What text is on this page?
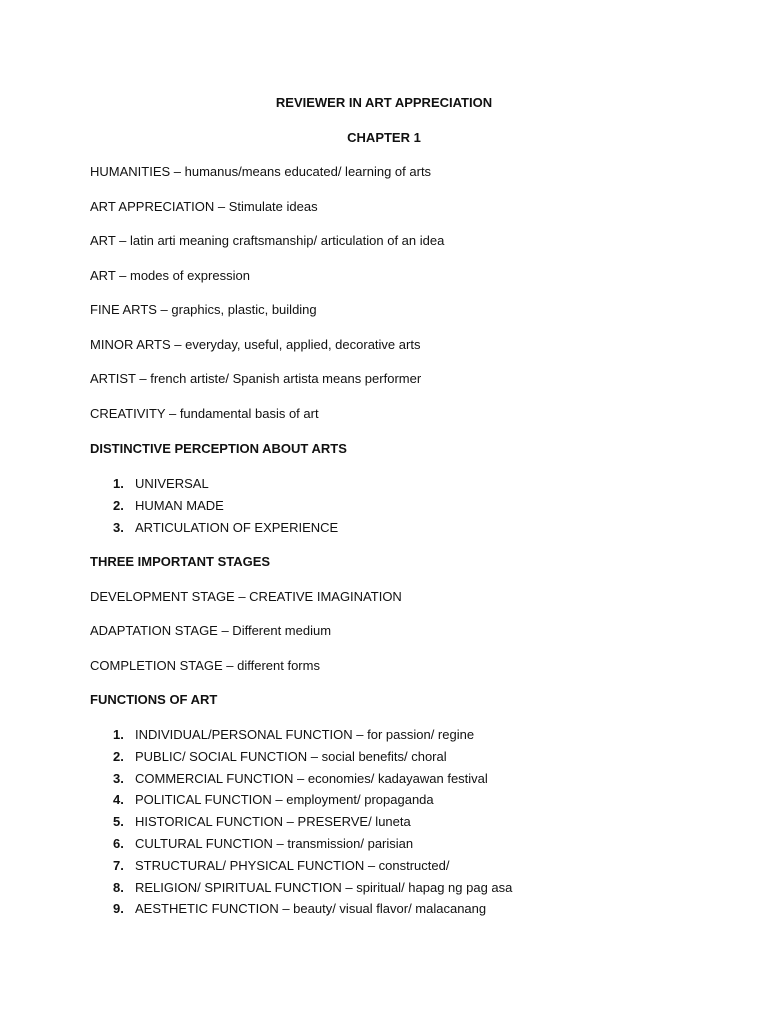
REVIEWER IN ART APPRECIATION
CHAPTER 1
HUMANITIES – humanus/means educated/ learning of arts
ART APPRECIATION – Stimulate ideas
ART – latin arti meaning craftsmanship/ articulation of an idea
ART – modes of expression
FINE ARTS – graphics, plastic, building
MINOR ARTS – everyday, useful, applied, decorative arts
ARTIST – french artiste/ Spanish artista means performer
CREATIVITY – fundamental basis of art
DISTINCTIVE PERCEPTION ABOUT ARTS
1. UNIVERSAL
2. HUMAN MADE
3. ARTICULATION OF EXPERIENCE
THREE IMPORTANT STAGES
DEVELOPMENT STAGE – CREATIVE IMAGINATION
ADAPTATION STAGE – Different medium
COMPLETION STAGE – different forms
FUNCTIONS OF ART
1. INDIVIDUAL/PERSONAL FUNCTION – for passion/ regine
2. PUBLIC/ SOCIAL FUNCTION – social benefits/ choral
3. COMMERCIAL FUNCTION – economies/ kadayawan festival
4. POLITICAL FUNCTION – employment/ propaganda
5. HISTORICAL FUNCTION – PRESERVE/ luneta
6. CULTURAL FUNCTION – transmission/ parisian
7. STRUCTURAL/ PHYSICAL FUNCTION – constructed/
8. RELIGION/ SPIRITUAL FUNCTION – spiritual/ hapag ng pag asa
9. AESTHETIC FUNCTION – beauty/ visual flavor/ malacanang
